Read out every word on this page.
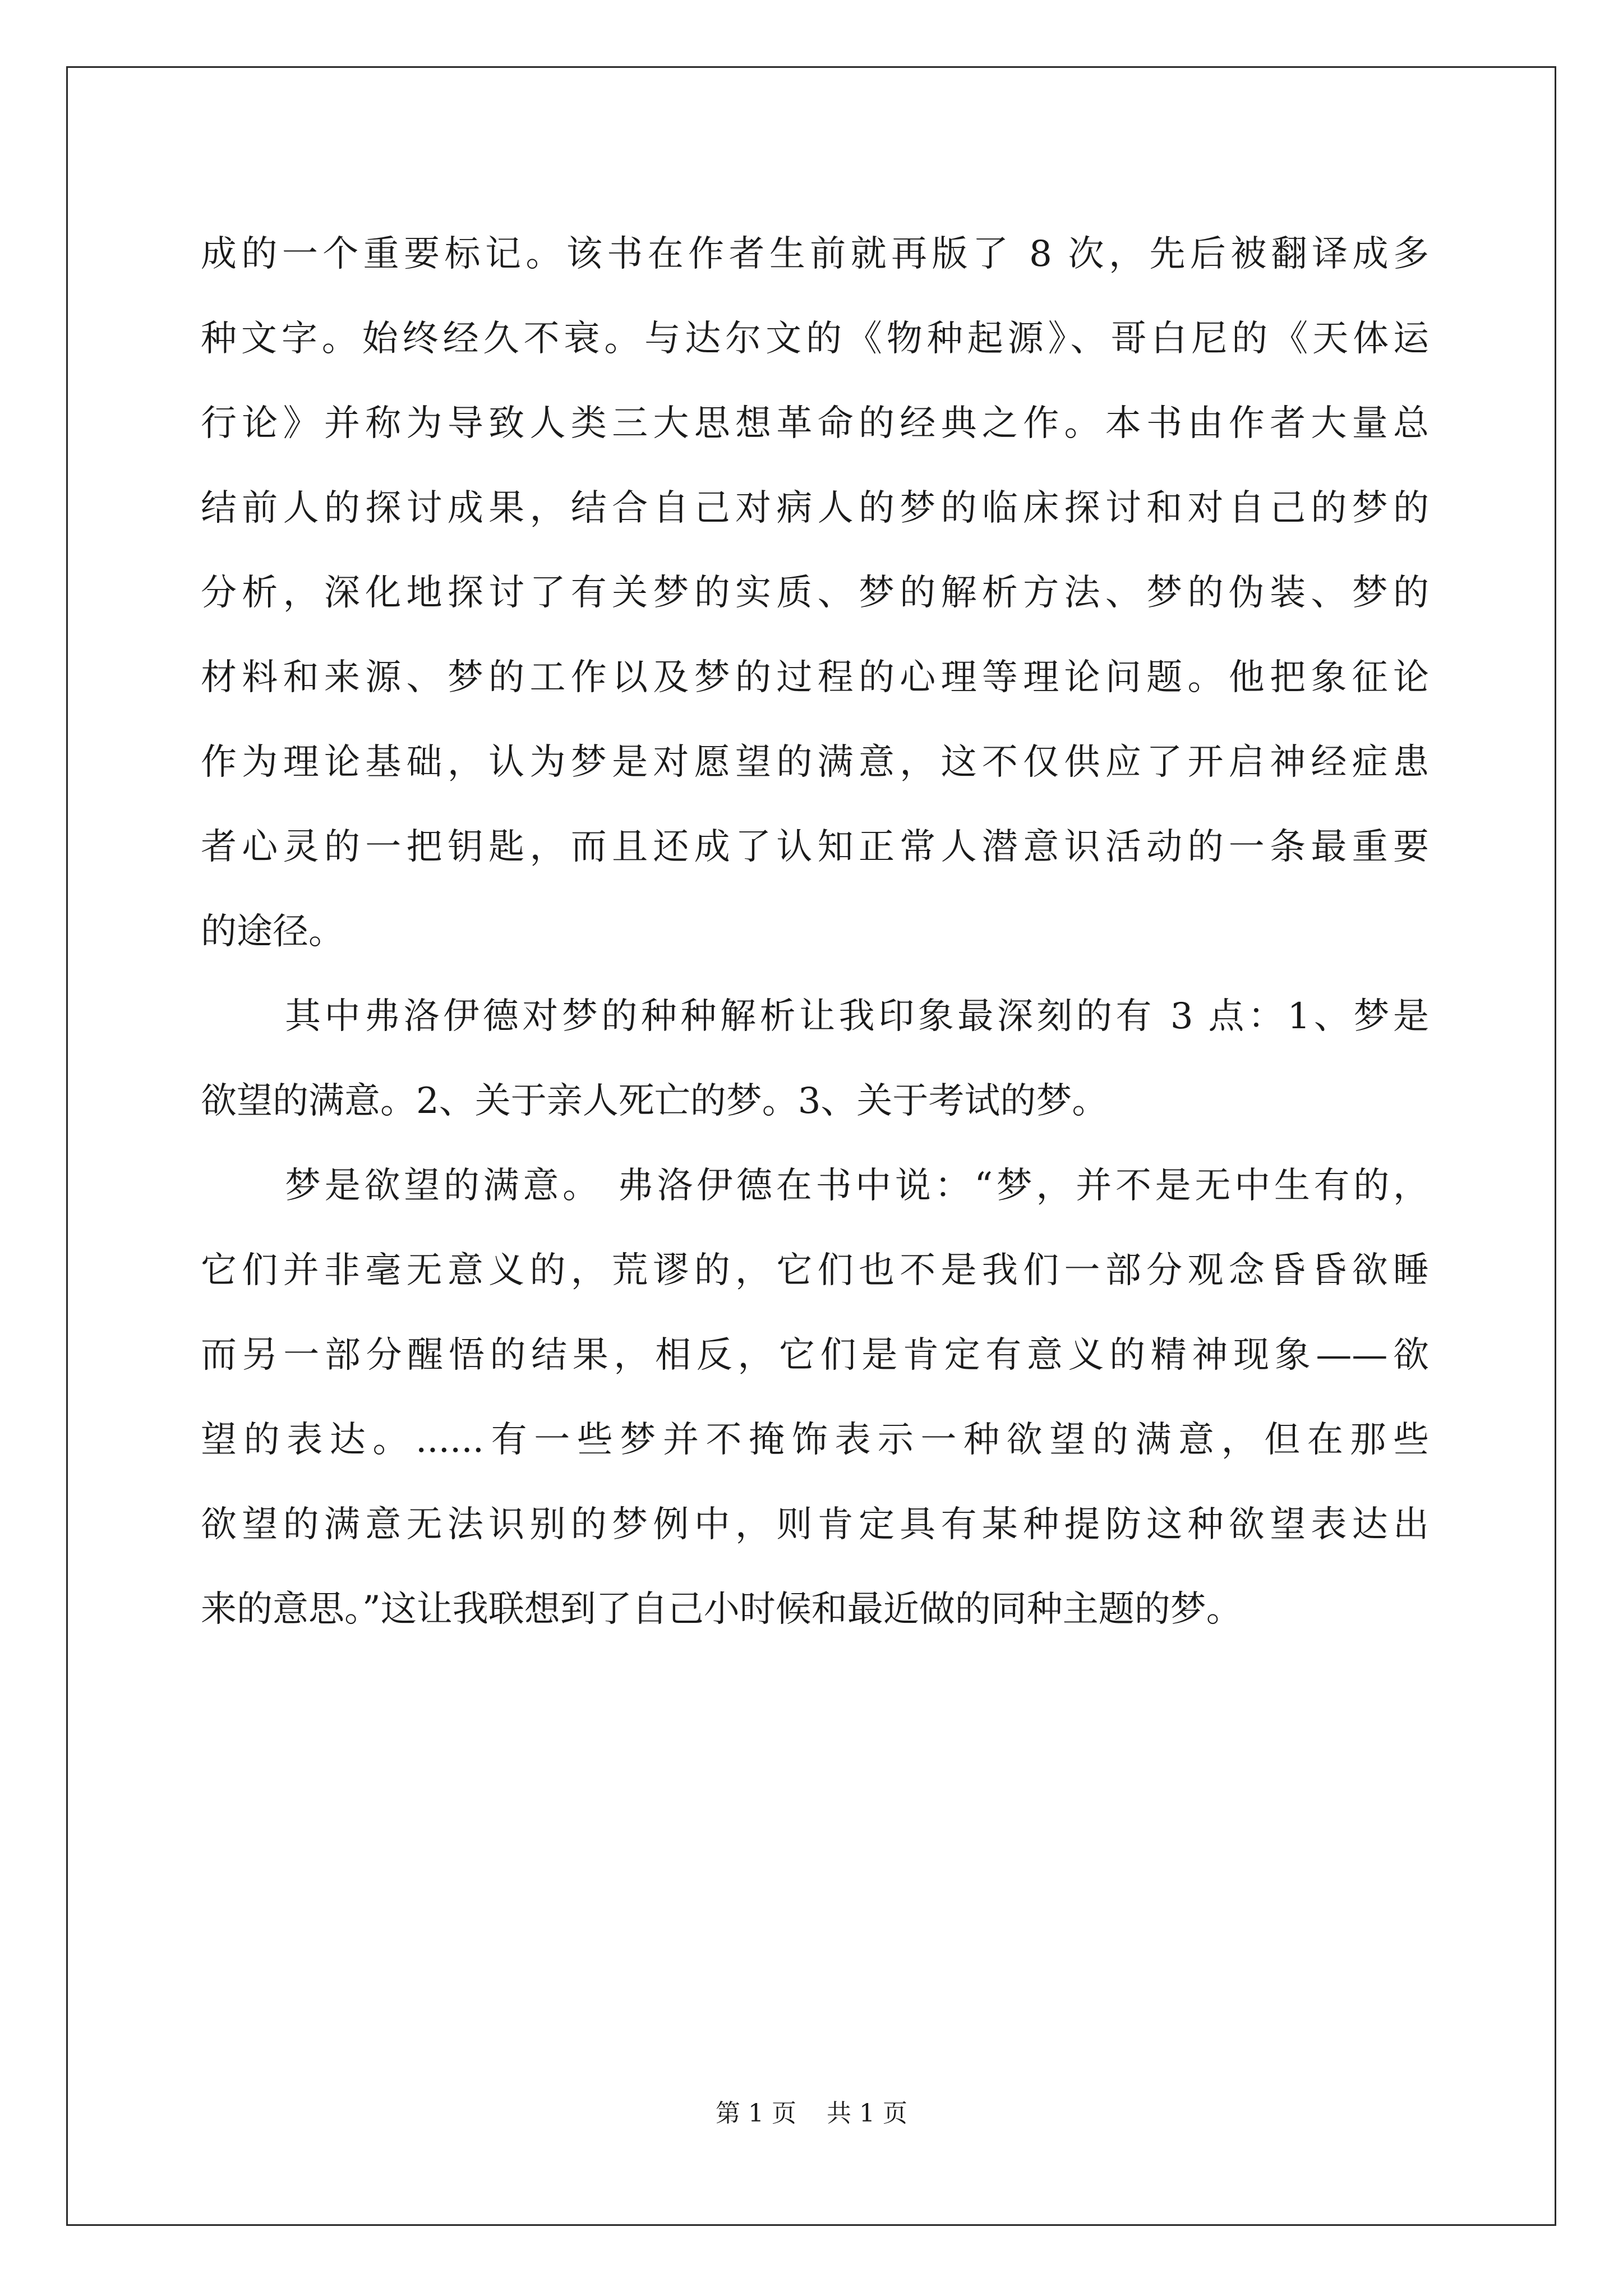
成的一个重要标记。该书在作者生前就再版了 8 次，先后被翻译成多
种文字。始终经久不衰。与达尔文的《物种起源》、哥白尼的《天体运
行论》并称为导致人类三大思想革命的经典之作。本书由作者大量总
结前人的探讨成果，结合自己对病人的梦的临床探讨和对自己的梦的
分析，深化地探讨了有关梦的实质、梦的解析方法、梦的伪装、梦的
材料和来源、梦的工作以及梦的过程的心理等理论问题。他把象征论
作为理论基础，认为梦是对愿望的满意，这不仅供应了开启神经症患
者心灵的一把钥匙，而且还成了认知正常人潜意识活动的一条最重要
的途径。
其中弗洛伊德对梦的种种解析让我印象最深刻的有 3 点：1、梦是
欲望的满意。2、关于亲人死亡的梦。3、关于考试的梦。
梦是欲望的满意。 弗洛伊德在书中说：“梦，并不是无中生有的，
它们并非毫无意义的，荒谬的，它们也不是我们一部分观念昏昏欲睡
而另一部分醒悟的结果，相反，它们是肯定有意义的精神现象——欲
望的表达。......有一些梦并不掩饰表示一种欲望的满意，但在那些
欲望的满意无法识别的梦例中，则肯定具有某种提防这种欲望表达出
来的意思。”这让我联想到了自己小时候和最近做的同种主题的梦。
第 1 页 共 1 页
